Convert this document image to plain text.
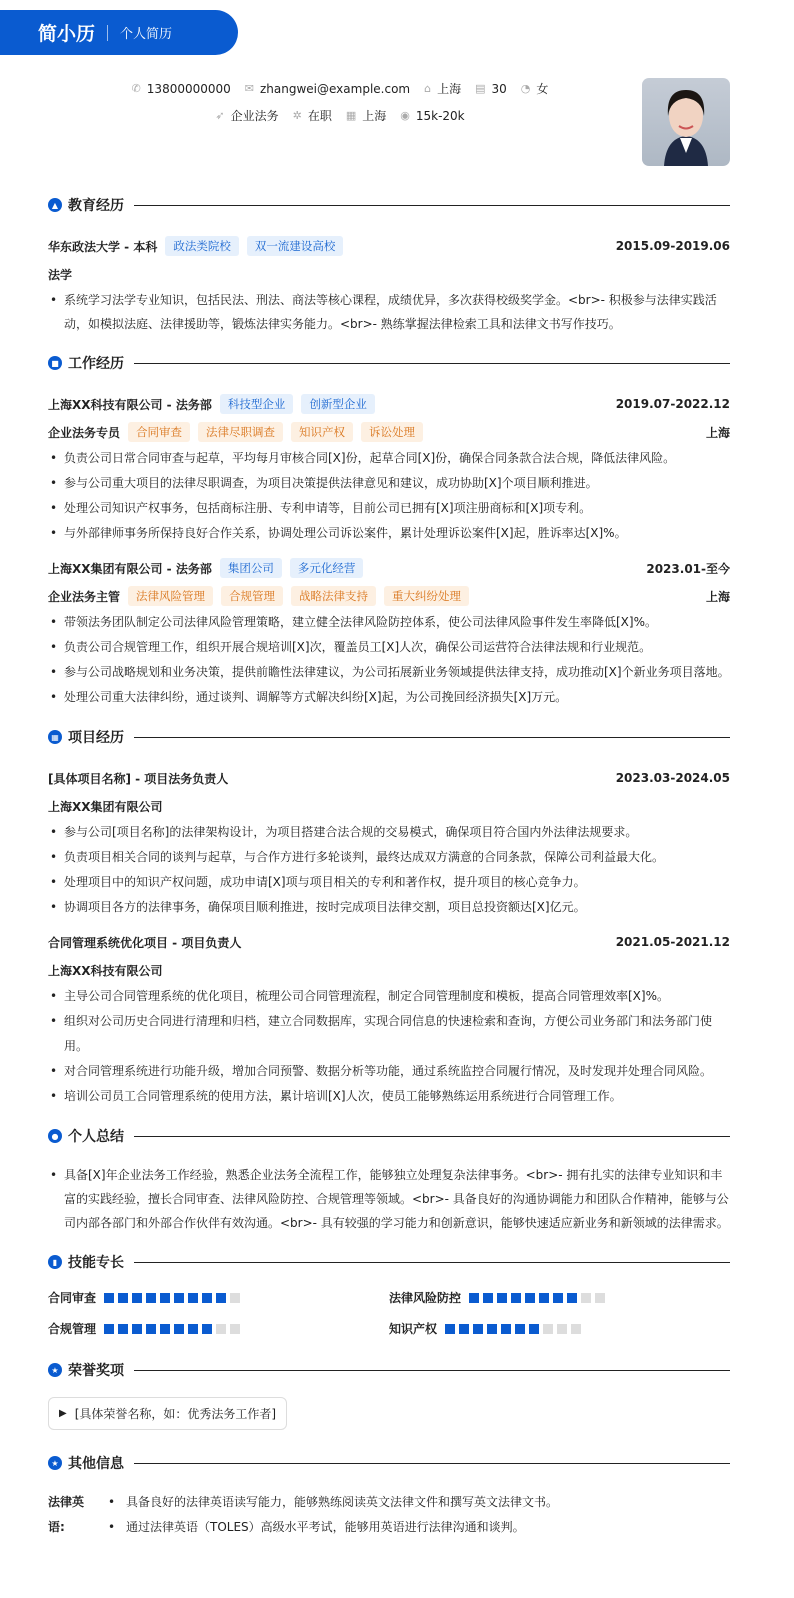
简小历 个人简历
✆ 13800000000 ✉ zhangwei@example.com ⌂ 上海 ▤ 30 ◔ 女
➶ 企业法务 ✲ 在职 ▦ 上海 ◉ 15k-20k
▲ 教育经历
华东政法大学 - 本科	政法类院校	双一流建设高校	2015.09-2019.06
法学
• 系统学习法学专业知识，包括民法、刑法、商法等核心课程，成绩优异，多次获得校级奖学金。<br>- 积极参与法律实践活动，如模拟法庭、法律援助等，锻炼法律实务能力。<br>- 熟练掌握法律检索工具和法律文书写作技巧。
■ 工作经历
上海XX科技有限公司 - 法务部	科技型企业	创新型企业	2019.07-2022.12
企业法务专员	合同审查	法律尽职调查	知识产权	诉讼处理	上海
• 负责公司日常合同审查与起草，平均每月审核合同[X]份，起草合同[X]份，确保合同条款合法合规，降低法律风险。
• 参与公司重大项目的法律尽职调查，为项目决策提供法律意见和建议，成功协助[X]个项目顺利推进。
• 处理公司知识产权事务，包括商标注册、专利申请等，目前公司已拥有[X]项注册商标和[X]项专利。
• 与外部律师事务所保持良好合作关系，协调处理公司诉讼案件，累计处理诉讼案件[X]起，胜诉率达[X]%。
上海XX集团有限公司 - 法务部	集团公司	多元化经营	2023.01-至今
企业法务主管	法律风险管理	合规管理	战略法律支持	重大纠纷处理	上海
• 带领法务团队制定公司法律风险管理策略，建立健全法律风险防控体系，使公司法律风险事件发生率降低[X]%。
• 负责公司合规管理工作，组织开展合规培训[X]次，覆盖员工[X]人次，确保公司运营符合法律法规和行业规范。
• 参与公司战略规划和业务决策，提供前瞻性法律建议，为公司拓展新业务领域提供法律支持，成功推动[X]个新业务项目落地。
• 处理公司重大法律纠纷，通过谈判、调解等方式解决纠纷[X]起，为公司挽回经济损失[X]万元。
▦ 项目经历
[具体项目名称] - 项目法务负责人	2023.03-2024.05
上海XX集团有限公司
• 参与公司[项目名称]的法律架构设计，为项目搭建合法合规的交易模式，确保项目符合国内外法律法规要求。
• 负责项目相关合同的谈判与起草，与合作方进行多轮谈判，最终达成双方满意的合同条款，保障公司利益最大化。
• 处理项目中的知识产权问题，成功申请[X]项与项目相关的专利和著作权，提升项目的核心竞争力。
• 协调项目各方的法律事务，确保项目顺利推进，按时完成项目法律交割，项目总投资额达[X]亿元。
合同管理系统优化项目 - 项目负责人	2021.05-2021.12
上海XX科技有限公司
• 主导公司合同管理系统的优化项目，梳理公司合同管理流程，制定合同管理制度和模板，提高合同管理效率[X]%。
• 组织对公司历史合同进行清理和归档，建立合同数据库，实现合同信息的快速检索和查询，方便公司业务部门和法务部门使用。
• 对合同管理系统进行功能升级，增加合同预警、数据分析等功能，通过系统监控合同履行情况，及时发现并处理合同风险。
• 培训公司员工合同管理系统的使用方法，累计培训[X]人次，使员工能够熟练运用系统进行合同管理工作。
● 个人总结
• 具备[X]年企业法务工作经验，熟悉企业法务全流程工作，能够独立处理复杂法律事务。<br>- 拥有扎实的法律专业知识和丰富的实践经验，擅长合同审查、法律风险防控、合规管理等领域。<br>- 具备良好的沟通协调能力和团队合作精神，能够与公司内部各部门和外部合作伙伴有效沟通。<br>- 具有较强的学习能力和创新意识，能够快速适应新业务和新领域的法律需求。
▮ 技能专长
合同审查	法律风险防控
合规管理	知识产权
★ 荣誉奖项
▶ [具体荣誉名称，如：优秀法务工作者]
★ 其他信息
法律英语:
• 具备良好的法律英语读写能力，能够熟练阅读英文法律文件和撰写英文法律文书。
• 通过法律英语（TOLES）高级水平考试，能够用英语进行法律沟通和谈判。
